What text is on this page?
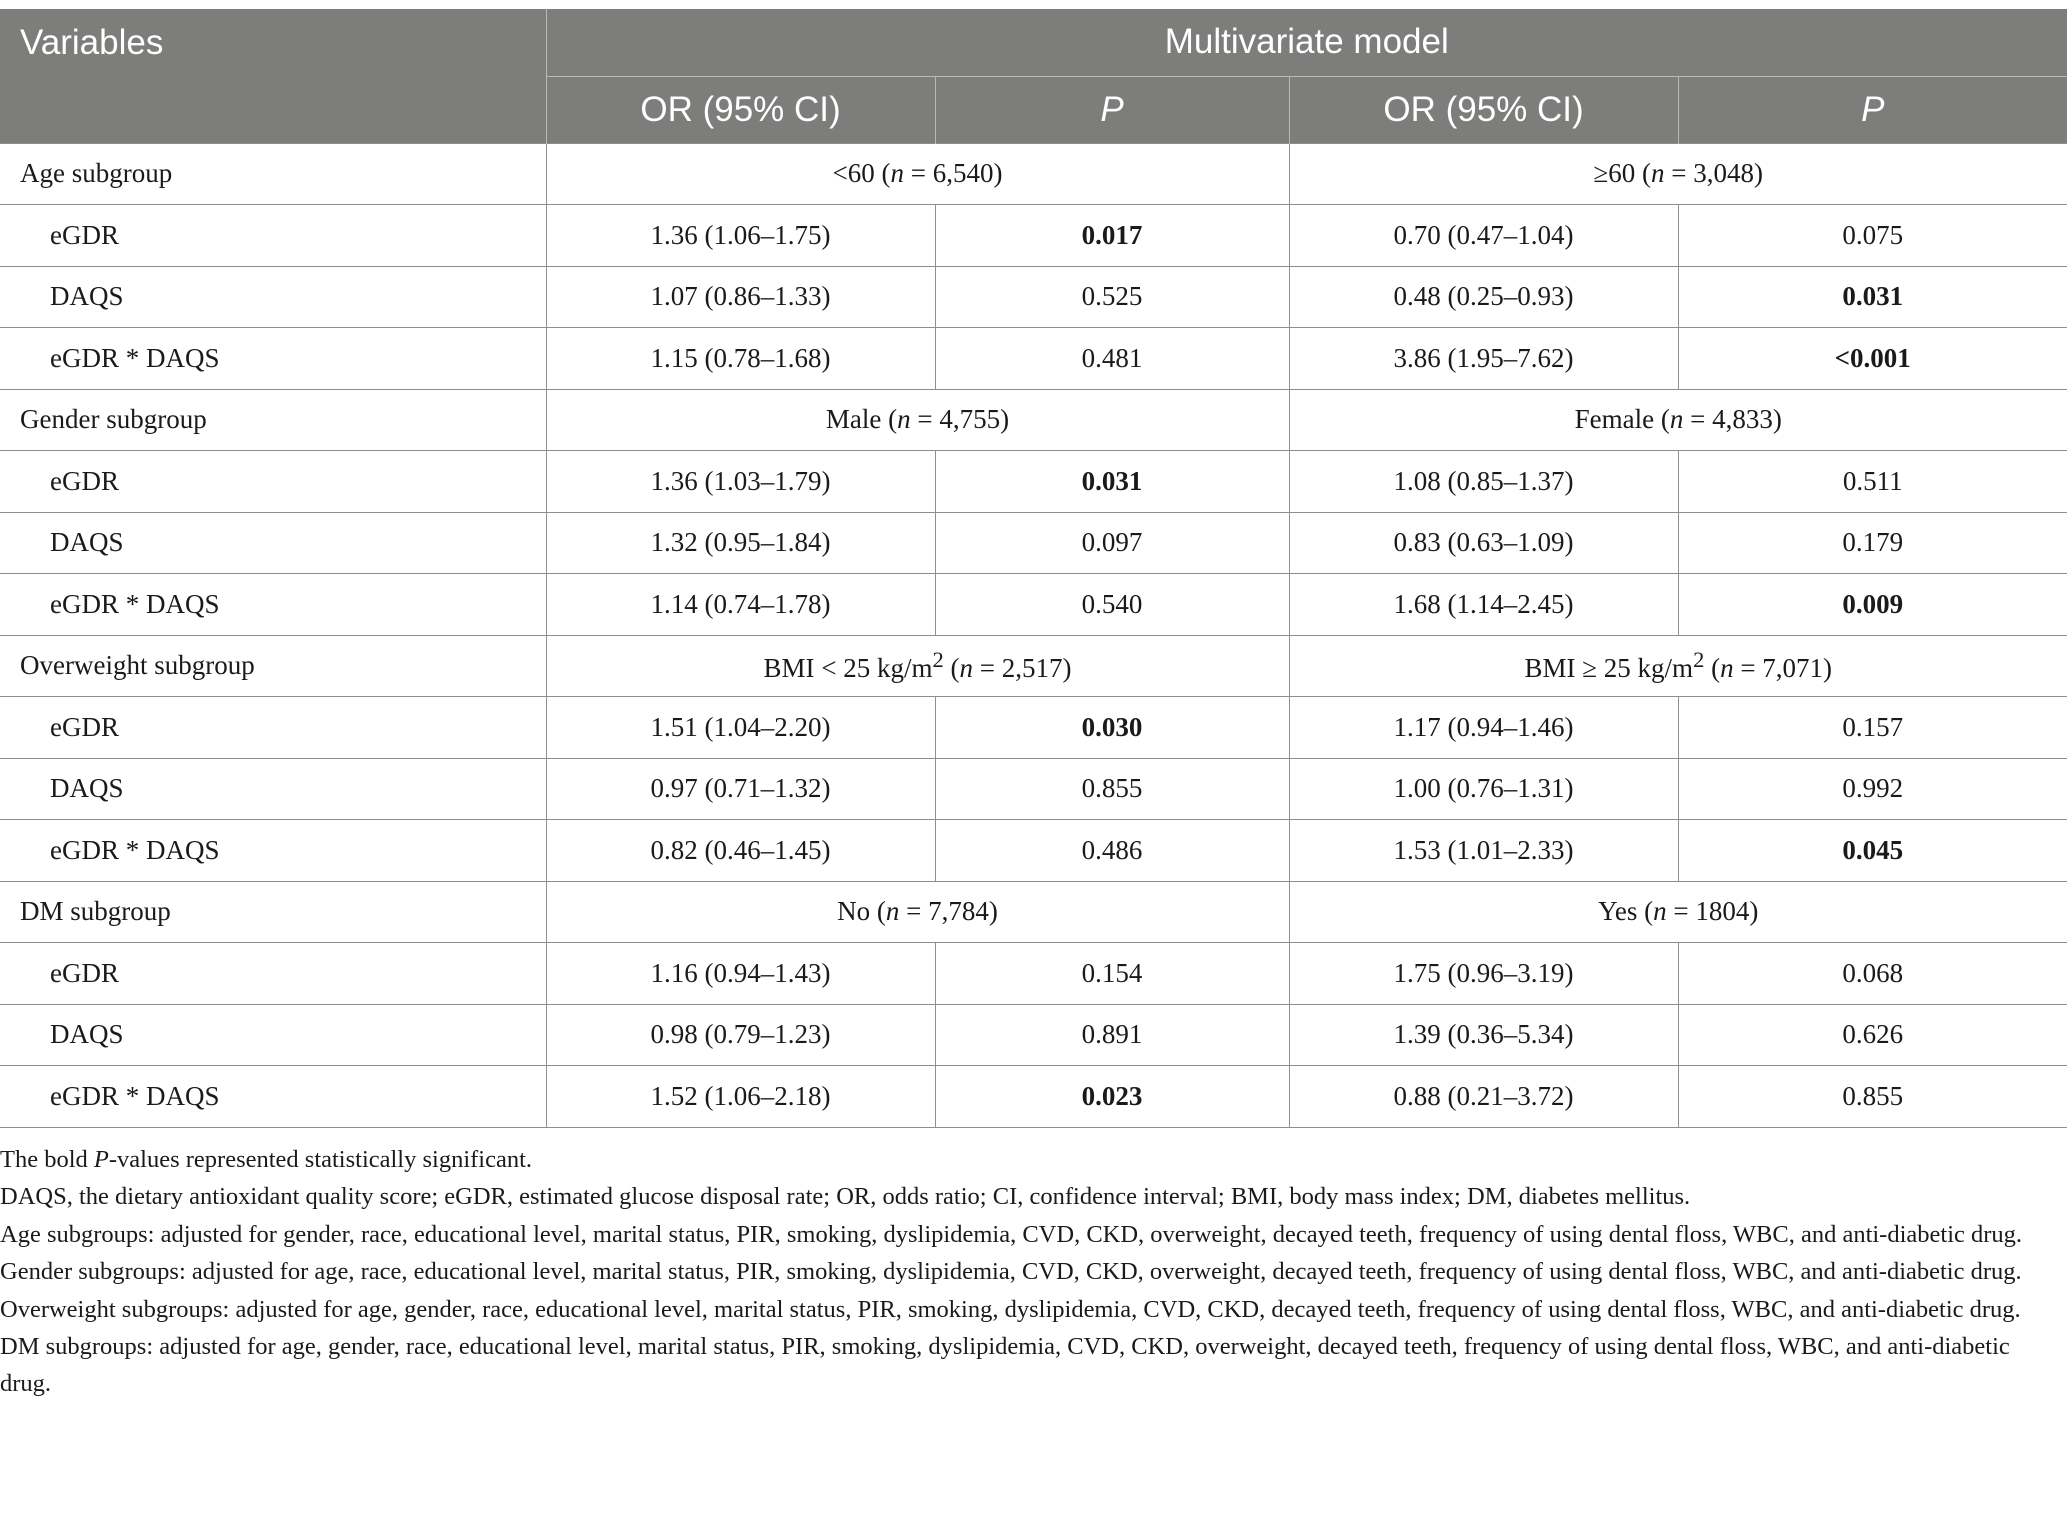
Variables	Multivariate model			
	OR (95% CI)	P	OR (95% CI)	P
Age subgroup	<60 (n = 6,540)		≥60 (n = 3,048)	
eGDR	1.36 (1.06–1.75)	0.017	0.70 (0.47–1.04)	0.075
DAQS	1.07 (0.86–1.33)	0.525	0.48 (0.25–0.93)	0.031
eGDR * DAQS	1.15 (0.78–1.68)	0.481	3.86 (1.95–7.62)	<0.001
Gender subgroup	Male (n = 4,755)		Female (n = 4,833)	
eGDR	1.36 (1.03–1.79)	0.031	1.08 (0.85–1.37)	0.511
DAQS	1.32 (0.95–1.84)	0.097	0.83 (0.63–1.09)	0.179
eGDR * DAQS	1.14 (0.74–1.78)	0.540	1.68 (1.14–2.45)	0.009
Overweight subgroup	BMI < 25 $kg/m^2$ (n = 2,517)		BMI ≥ 25 $kg/m^2$ (n = 7,071)	
eGDR	1.51 (1.04–2.20)	0.030	1.17 (0.94–1.46)	0.157
DAQS	0.97 (0.71–1.32)	0.855	1.00 (0.76–1.31)	0.992
eGDR * DAQS	0.82 (0.46–1.45)	0.486	1.53 (1.01–2.33)	0.045
DM subgroup	No (n = 7,784)		Yes (n = 1804)	
eGDR	1.16 (0.94–1.43)	0.154	1.75 (0.96–3.19)	0.068
DAQS	0.98 (0.79–1.23)	0.891	1.39 (0.36–5.34)	0.626
eGDR * DAQS	1.52 (1.06–2.18)	0.023	0.88 (0.21–3.72)	0.855

The bold P-values represented statistically significant.

DAQS, the dietary antioxidant quality score; eGDR, estimated glucose disposal rate; OR, odds ratio; CI, confidence interval; BMI, body mass index; DM, diabetes mellitus.

Age subgroups: adjusted for gender, race, educational level, marital status, PIR, smoking, dyslipidemia, CVD, CKD, overweight, decayed teeth, frequency of using dental floss, WBC, and anti-diabetic drug.

Gender subgroups: adjusted for age, race, educational level, marital status, PIR, smoking, dyslipidemia, CVD, CKD, overweight, decayed teeth, frequency of using dental floss, WBC, and anti-diabetic drug.

Overweight subgroups: adjusted for age, gender, race, educational level, marital status, PIR, smoking, dyslipidemia, CVD, CKD, decayed teeth, frequency of using dental floss, WBC, and anti-diabetic drug.

DM subgroups: adjusted for age, gender, race, educational level, marital status, PIR, smoking, dyslipidemia, CVD, CKD, overweight, decayed teeth, frequency of using dental floss, WBC, and anti-diabetic drug.
